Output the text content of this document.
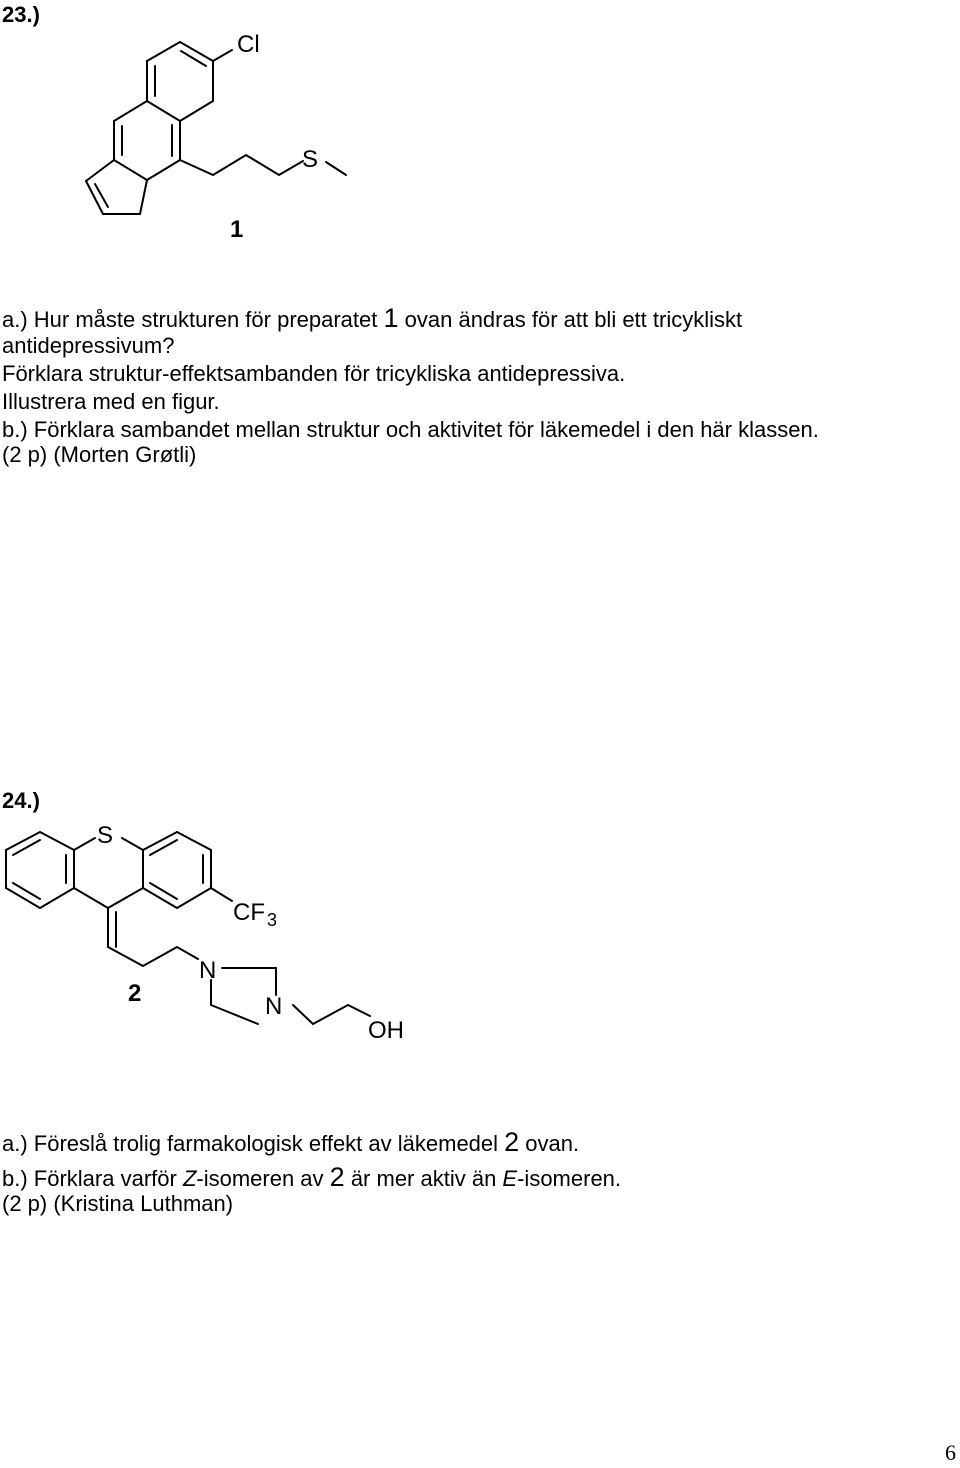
23.)
Cl
S
1
a.) Hur måste strukturen för preparatet 1 ovan ändras för att bli ett tricykliskt
antidepressivum?
Förklara struktur-effektsambanden för tricykliska antidepressiva.
Illustrera med en figur.
b.) Förklara sambandet mellan struktur och aktivitet för läkemedel i den här klassen.
(2 p) (Morten Grøtli)
24.)
S
CF $_3$
N
N
OH
2
a.) Föreslå trolig farmakologisk effekt av läkemedel 2 ovan.
b.) Förklara varför Z-isomeren av 2 är mer aktiv än E-isomeren.
(2 p) (Kristina Luthman)
6
